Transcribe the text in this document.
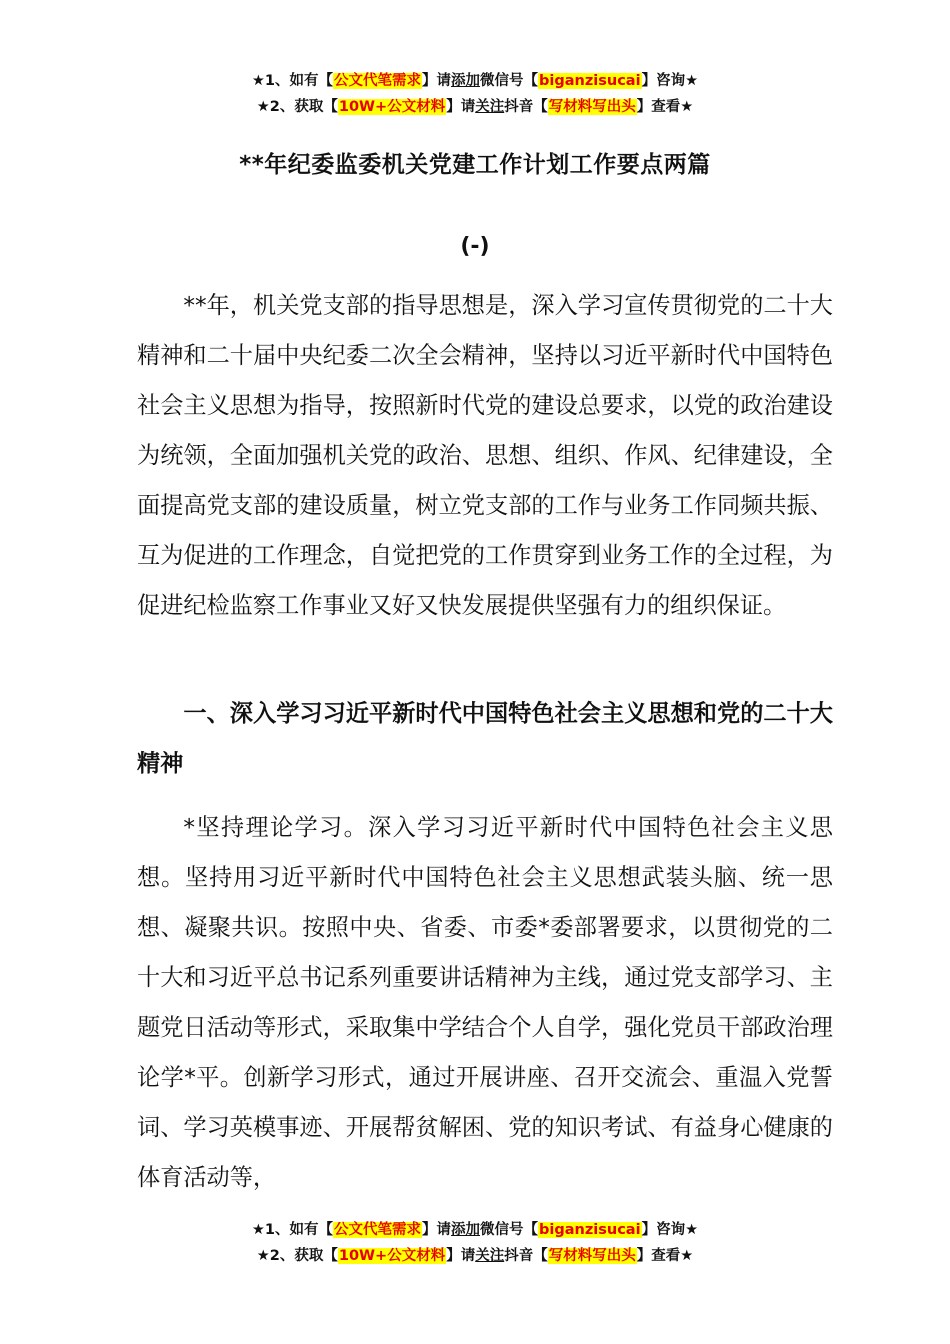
★1、如有【公文代笔需求】请添加微信号【biganzisucai】咨询★
★2、获取【10W+公文材料】请关注抖音【写材料写出头】查看★
**年纪委监委机关党建工作计划工作要点两篇
(-)

**年，机关党支部的指导思想是，深入学习宣传贯彻党的二十大精神和二十届中央纪委二次全会精神，坚持以习近平新时代中国特色社会主义思想为指导，按照新时代党的建设总要求，以党的政治建设为统领，全面加强机关党的政治、思想、组织、作风、纪律建设，全面提高党支部的建设质量，树立党支部的工作与业务工作同频共振、互为促进的工作理念，自觉把党的工作贯穿到业务工作的全过程，为促进纪检监察工作事业又好又快发展提供坚强有力的组织保证。

一、深入学习习近平新时代中国特色社会主义思想和党的二十大精神

*坚持理论学习。深入学习习近平新时代中国特色社会主义思想。坚持用习近平新时代中国特色社会主义思想武装头脑、统一思想、凝聚共识。按照中央、省委、市委*委部署要求，以贯彻党的二十大和习近平总书记系列重要讲话精神为主线，通过党支部学习、主题党日活动等形式，采取集中学结合个人自学，强化党员干部政治理论学*平。创新学习形式，通过开展讲座、召开交流会、重温入党誓词、学习英模事迹、开展帮贫解困、党的知识考试、有益身心健康的体育活动等，

★1、如有【公文代笔需求】请添加微信号【biganzisucai】咨询★
★2、获取【10W+公文材料】请关注抖音【写材料写出头】查看★
